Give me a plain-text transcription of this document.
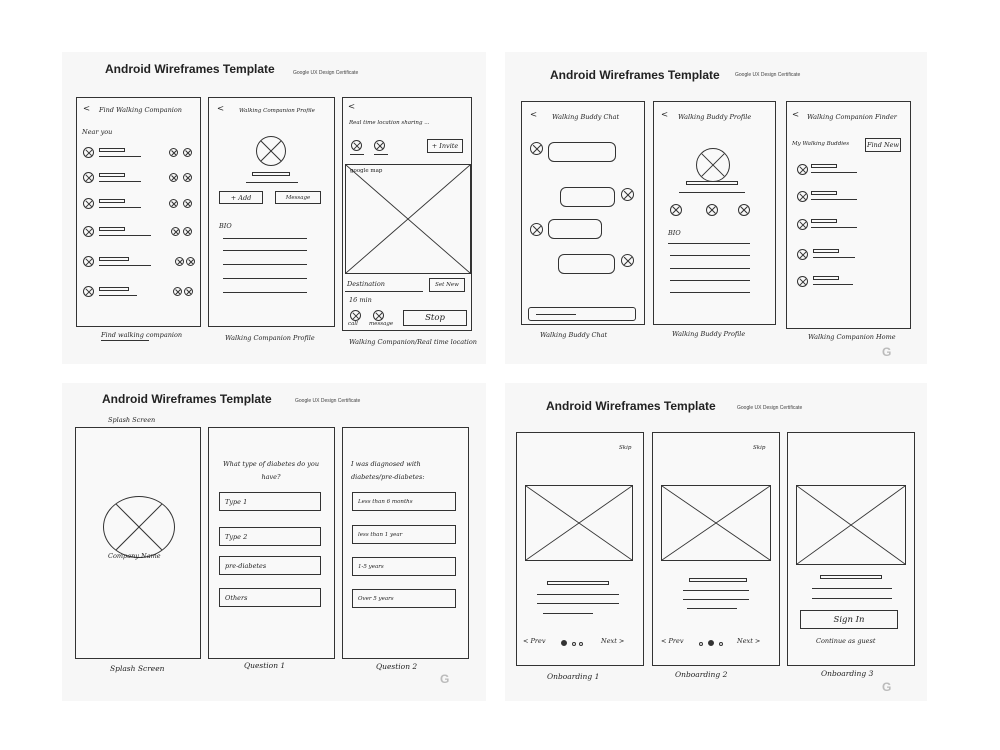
Android Wireframes Template	Google UX Design Certificate
< Find Walking Companion
Near you
<	Walking Companion Profile
+ Add	Message
BIO
<
Real time location sharing ...
+ Invite
google map
Destination	Set New
16 min
call message
Stop
Find walking companion	Walking Companion Profile	Walking Companion/Real time location
Android Wireframes Template	Google UX Design Certificate
G
< Walking Buddy Chat	< Walking Buddy Profile
BIO
< Walking Companion Finder
My Walking Buddies	Find New
Walking Buddy Chat	Walking Buddy Profile	Walking Companion Home
Android Wireframes Template	Google UX Design Certificate
Splash Screen
G
Company Name
What type of diabetes do you have?
Type 1
Type 2
pre-diabetes
Others
I was diagnosed with diabetes/pre-diabetes:
Less than 6 months
less than 1 year
1-5 years
Over 5 years
Splash Screen	Question 1	Question 2
Android Wireframes Template	Google UX Design Certificate
G
Skip
< Prev	Next >
Skip
< Prev	Next >
Sign In
Continue as guest
Onboarding 1	Onboarding 2	Onboarding 3
